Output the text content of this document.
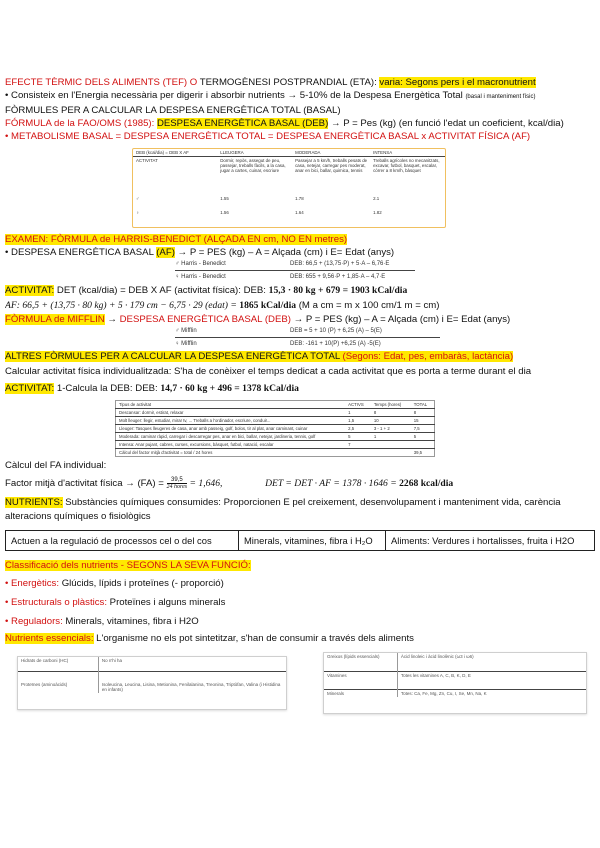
EFECTE TÈRMIC DELS ALIMENTS (TEF) O TERMOGÈNESI POSTPRANDIAL (ETA): varia: Segons pers i el macronutrient
• Consisteix en l'Energia necessària per digerir i absorbir nutrients → 5-10% de la Despesa Energètica Total (basal i manteniment físic)
FÒRMULES PER A CALCULAR LA DESPESA ENERGÈTICA TOTAL (BASAL)
FÓRMULA de la FAO/OMS (1985): DESPESA ENERGÈTICA BASAL (DEB) → P = Pes (kg) (en funció l'edat un coeficient, kcal/dia)
• METABOLISME BASAL = DESPESA ENERGÈTICA TOTAL = DESPESA ENERGÈTICA BASAL x ACTIVITAT FÍSICA (AF)
DEB (kcal/dia) = DEB X AF	LLEUGERA	MODERADA	INTENSA
ACTIVITAT	Dormir, repòs, assegut de peu, passejar, treballs fàcils, a la casa, jugar a cartes, cuinar, escriure	Passejar a 5 km/h, treballs pesats de casa, netejar, carregar pes moderat, anar en bici, ballar, quimica, tennis	Treballs agrícoles no mecanitzats, excavar, futbol, basquet, escalar, córrer a 8 km/h, bàsquet
♂	1.55	1.78	2.1
♀	1.56	1.64	1.82
EXAMEN: FÒRMULA de HARRIS-BENEDICT (ALÇADA EN cm, NO EN metres)
• DESPESA ENERGÈTICA BASAL (AF) → P = PES (kg) – A = Alçada (cm) i E= Edat (anys)
♂ Harris - Benedict	DEB: 66,5 + (13,75·P) + 5·A – 6,76·E
♀ Harris - Benedict	DEB: 655 + 9,56·P + 1,85·A – 4,7·E
ACTIVITAT: DET (kcal/dia) = DEB X AF (activitat física): DEB: 15,3 · 80 kg + 679 = 1903 kCal/dia
AF: 66,5 + (13,75 · 80 kg) + 5 · 179 cm − 6,75 · 29 (edat) = 1865 kCal/dia (M a cm = m x 100 cm/1 m = cm)
FÒRMULA de MIFFLIN → DESPESA ENERGÈTICA BASAL (DEB) → P = PES (kg) – A = Alçada (cm) i E= Edat (anys)
♂ Mifflin	DEB = 5 + 10 (P) + 6,25 (A) – 5(E)
♀ Mifflin	DEB: -161 + 10(P) +6,25 (A) -5(E)
ALTRES FÒRMULES PER A CALCULAR LA DESPESA ENERGÈTICA TOTAL (Segons: Edat, pes, embaràs, lactància)
Calcular activitat física individualitzada: S'ha de conèixer el temps dedicat a cada activitat que es porta a terme durant el dia
ACTIVITAT: 1-Calcula la DEB: DEB: 14,7 · 60 kg + 496 = 1378 kCal/dia
Tipus de activitat	ACTIVS	Temps (hores)	TOTAL
Descansar: dormir, estirat, relaxar	1	8	8
Molt lleuger: llegir, estudiar, mirar tv, ... Treballs a l'ordinador, escriure, conduir...	1,5	10	15
Lleuger: Tasques lleugeres de casa, anar amb passeig, golf, bolos, tir al plat, anar caminant, cuinar	2,5	3 - 1 + 2	7,5
Moderada: caminar ràpid, carregar i descarregar pes, anar en bici, ballar, netejar, jardineria, tennis, golf	5	1	5
Intensa: Anar pujant, cabres, curses, excursions, bàsquet, futbol, natació, escalar	7		
Càlcul del factor mitjà d'activitat = total / 24 hores			39,5
Càlcul del FA individual:
Factor mitjà d'activitat física → $(FA) = \frac{39,5}{\text{24 hores}} = 1,646$,	DET = DET · AF = 1378 · 1646 = 2268 kcal/dia
NUTRIENTS: Substàncies químiques consumides: Proporcionen E pel creixement, desenvolupament i manteniment vida, carència
alteracions químiques o fisiològics
Actuen a la regulació de processos cel o del cos	Minerals, vitamines, fibra i H₂O	Aliments: Verdures i hortalisses, fruita i H2O
Classificació dels nutrients - SEGONS LA SEVA FUNCIÓ:
• Energètics: Glúcids, lípids i proteïnes (- proporció)
• Estructurals o plàstics: Proteïnes i alguns minerals
• Reguladors: Minerals, vitamines, fibra i H2O
Nutrients essencials: L'organisme no els pot sintetitzar, s'han de consumir a través dels aliments
Hidrats de carboni (HC)	No n'hi ha
Proteïnes (aminoàcids)	Isoleucina, Leucina, Lisina, Metionina, Fenilalanina, Treonina, Triptòfan, Valina (i Histidina en infants)
Greixos (lípids essencials)	Àcid linoleic i àcid linolènic (ω3 i ω6)
Vitamines	Totes les vitamines A, C, B, K, D, E
Minerals	Totes: Ca, Fe, Mg, Zn, Cu, I, Se, Mn, Na, K
